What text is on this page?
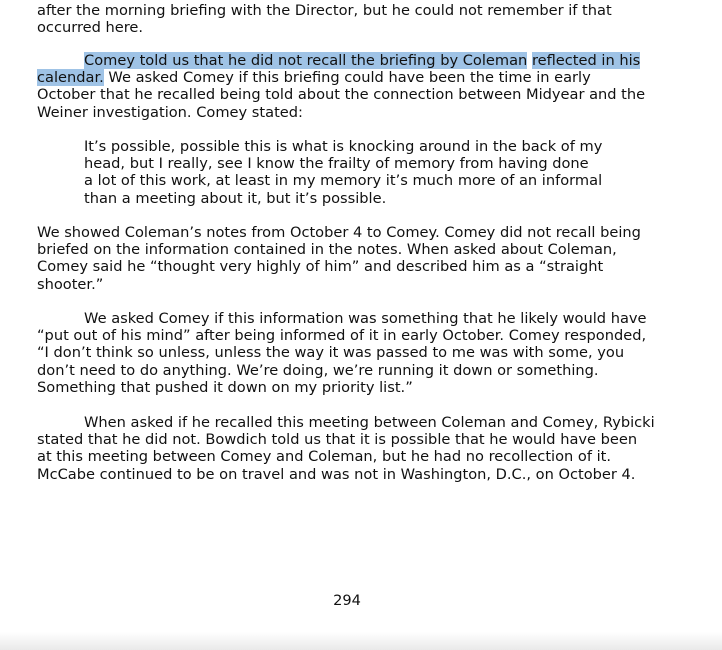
after the morning briefing with the Director, but he could not remember if that
occurred here.
Comey told us that he did not recall the briefing by Coleman reflected in his
calendar. We asked Comey if this briefing could have been the time in early
October that he recalled being told about the connection between Midyear and the
Weiner investigation. Comey stated:
It’s possible, possible this is what is knocking around in the back of my
head, but I really, see I know the frailty of memory from having done
a lot of this work, at least in my memory it’s much more of an informal
than a meeting about it, but it’s possible.
We showed Coleman’s notes from October 4 to Comey. Comey did not recall being
briefed on the information contained in the notes. When asked about Coleman,
Comey said he “thought very highly of him” and described him as a “straight
shooter.”
We asked Comey if this information was something that he likely would have
“put out of his mind” after being informed of it in early October. Comey responded,
“I don’t think so unless, unless the way it was passed to me was with some, you
don’t need to do anything. We’re doing, we’re running it down or something.
Something that pushed it down on my priority list.”
When asked if he recalled this meeting between Coleman and Comey, Rybicki
stated that he did not. Bowdich told us that it is possible that he would have been
at this meeting between Comey and Coleman, but he had no recollection of it.
McCabe continued to be on travel and was not in Washington, D.C., on October 4.
294
